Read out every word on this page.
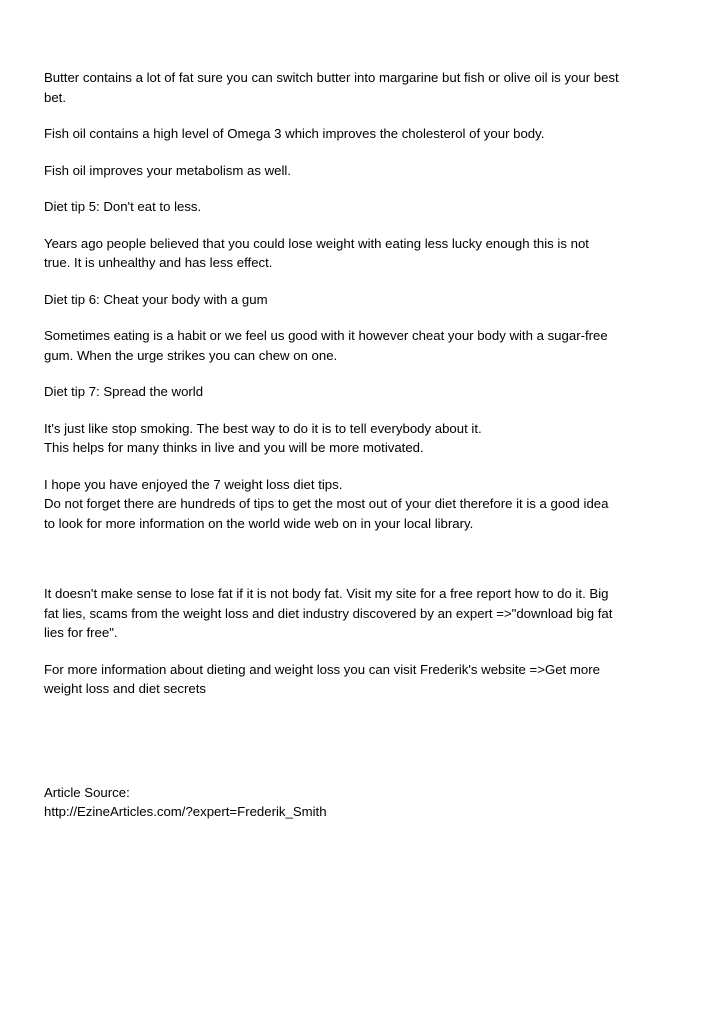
Butter contains a lot of fat sure you can switch butter into margarine but fish or olive oil is your best
bet.

Fish oil contains a high level of Omega 3 which improves the cholesterol of your body.

Fish oil improves your metabolism as well.

Diet tip 5: Don't eat to less.

Years ago people believed that you could lose weight with eating less lucky enough this is not
true. It is unhealthy and has less effect.

Diet tip 6: Cheat your body with a gum

Sometimes eating is a habit or we feel us good with it however cheat your body with a sugar-free
gum. When the urge strikes you can chew on one.

Diet tip 7: Spread the world

It's just like stop smoking. The best way to do it is to tell everybody about it.
This helps for many thinks in live and you will be more motivated.

I hope you have enjoyed the 7 weight loss diet tips.
Do not forget there are hundreds of tips to get the most out of your diet therefore it is a good idea
to look for more information on the world wide web on in your local library.

It doesn't make sense to lose fat if it is not body fat. Visit my site for a free report how to do it. Big
fat lies, scams from the weight loss and diet industry discovered by an expert =>"download big fat
lies for free".

For more information about dieting and weight loss you can visit Frederik's website =>Get more
weight loss and diet secrets

Article Source:
http://EzineArticles.com/?expert=Frederik_Smith
